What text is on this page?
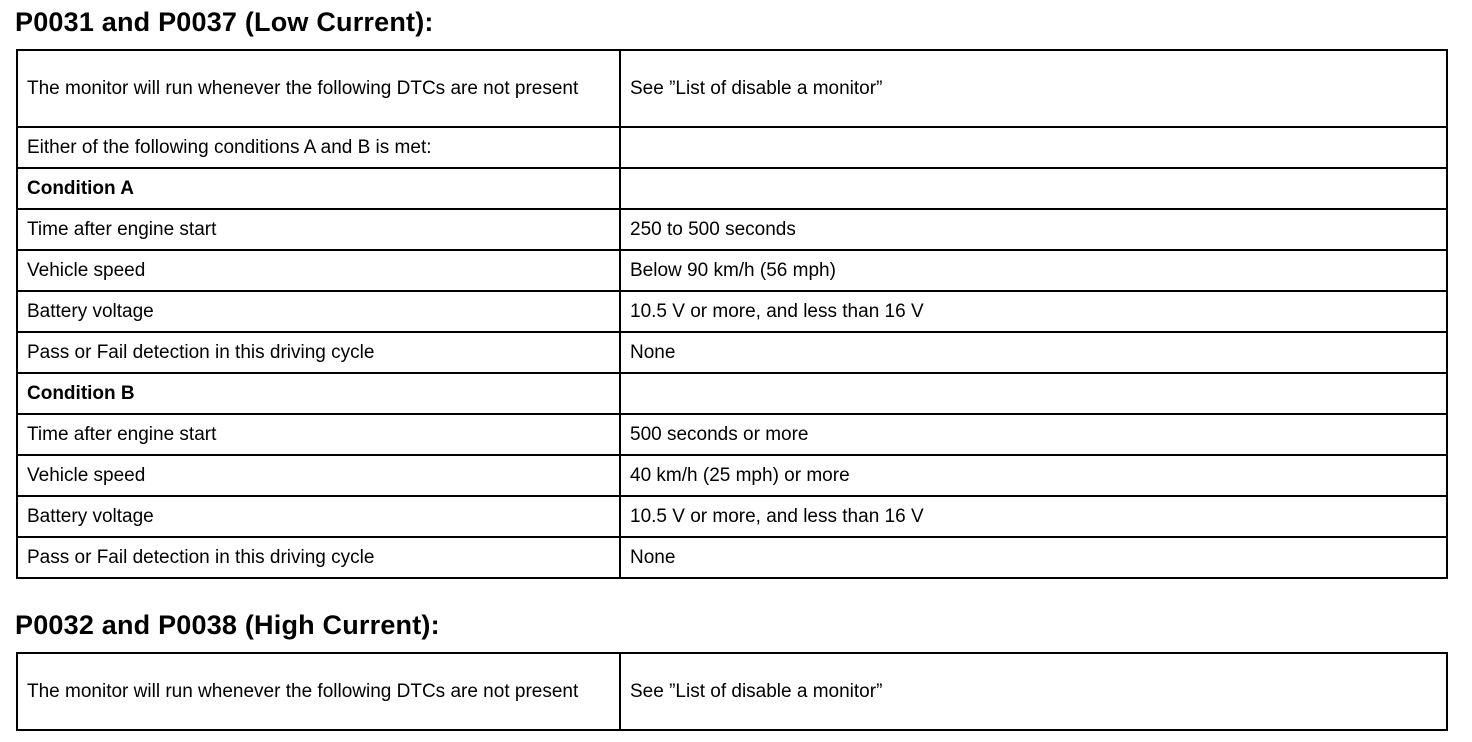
P0031 and P0037 (Low Current):
The monitor will run whenever the following DTCs are not present	See ”List of disable a monitor”
Either of the following conditions A and B is met:	
Condition A	
Time after engine start	250 to 500 seconds
Vehicle speed	Below 90 km/h (56 mph)
Battery voltage	10.5 V or more, and less than 16 V
Pass or Fail detection in this driving cycle	None
Condition B	
Time after engine start	500 seconds or more
Vehicle speed	40 km/h (25 mph) or more
Battery voltage	10.5 V or more, and less than 16 V
Pass or Fail detection in this driving cycle	None
P0032 and P0038 (High Current):
The monitor will run whenever the following DTCs are not present	See ”List of disable a monitor”
